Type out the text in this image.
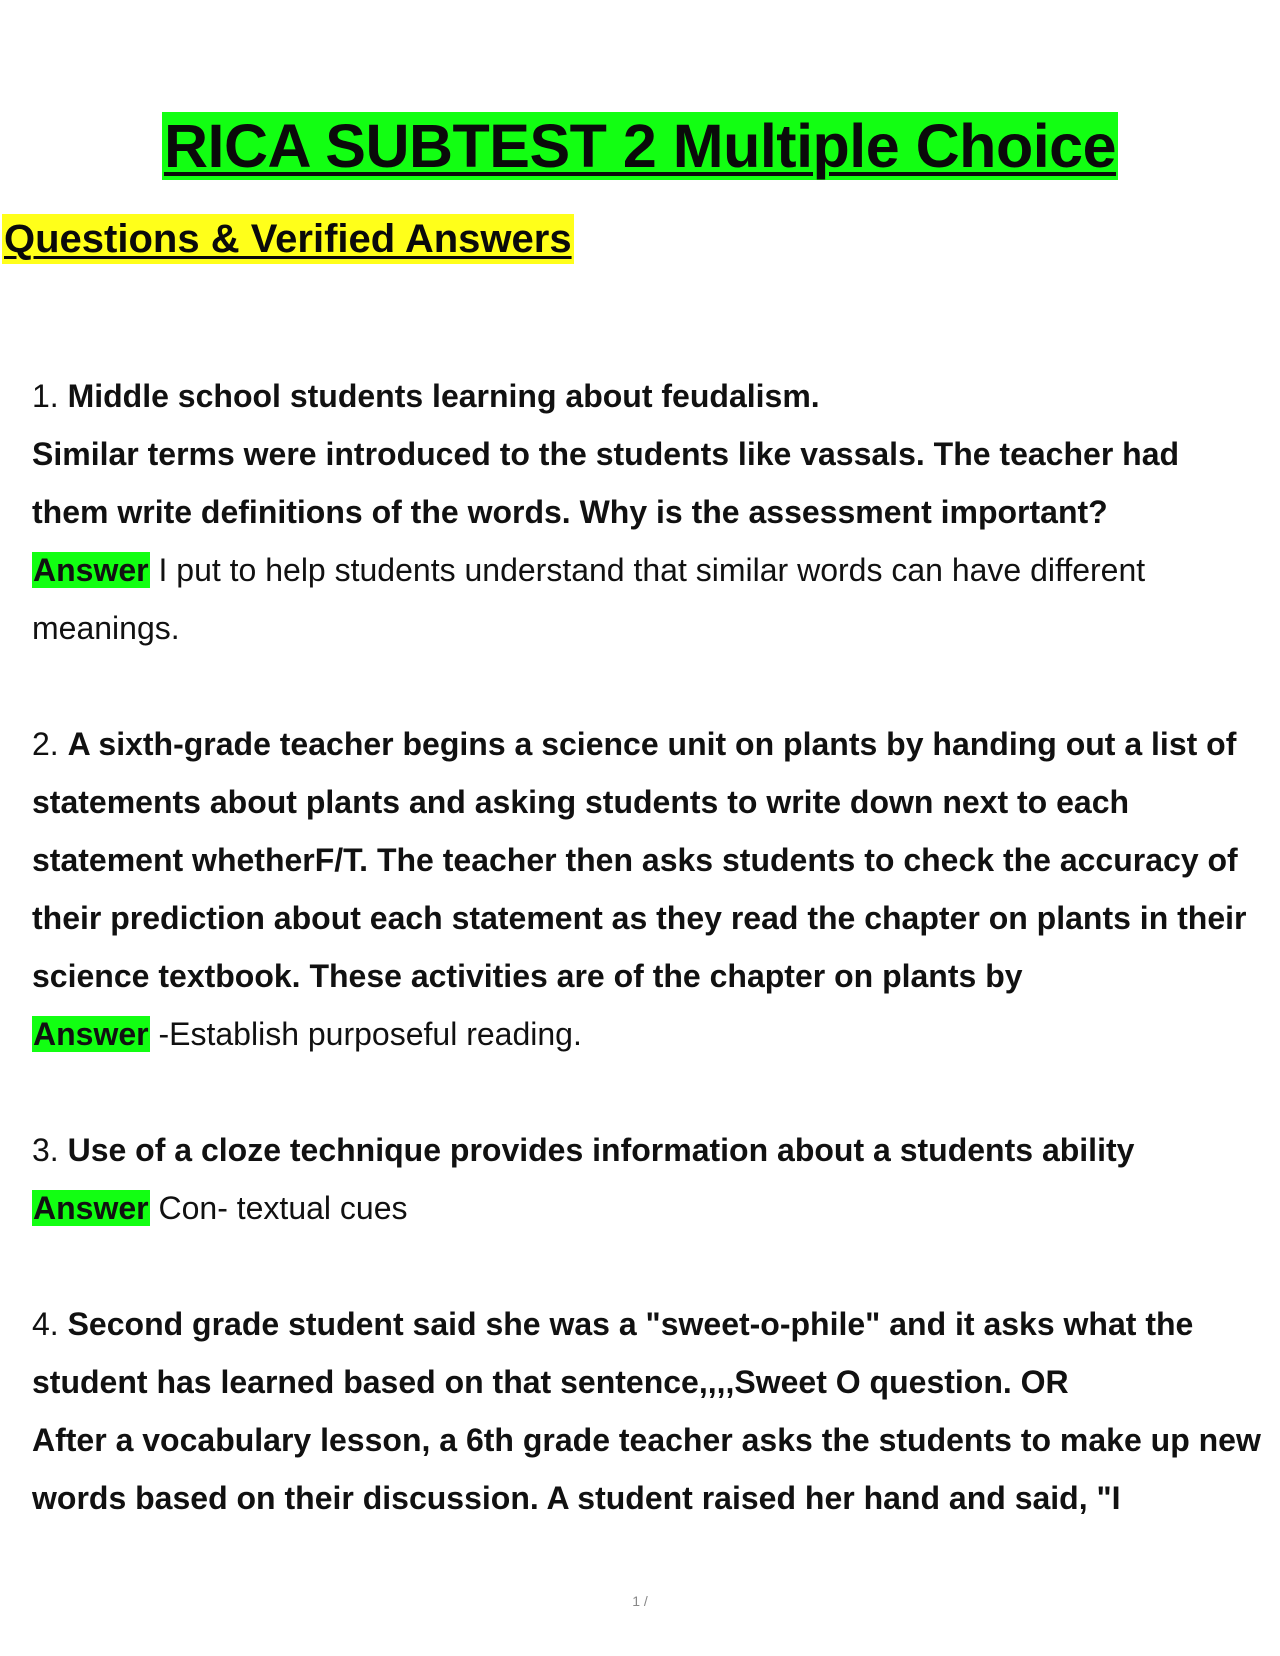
RICA SUBTEST 2 Multiple Choice
Questions & Verified Answers

1. Middle school students learning about feudalism.

Similar terms were introduced to the students like vassals. The teacher had them write definitions of the words. Why is the assessment important?

Answer I put to help students understand that similar words can have different meanings.

2. A sixth-grade teacher begins a science unit on plants by handing out a list of statements about plants and asking students to write down next to each statement whetherF/T. The teacher then asks students to check the accuracy of their prediction about each statement as they read the chapter on plants in their science textbook. These activities are of the chapter on plants by

Answer -Establish purposeful reading.

3. Use of a cloze technique provides information about a students ability

Answer Con- textual cues

4. Second grade student said she was a "sweet-o-phile" and it asks what the student has learned based on that sentence,,,,Sweet O question. OR

After a vocabulary lesson, a 6th grade teacher asks the students to make up new words based on their discussion. A student raised her hand and said, "I

1 /
